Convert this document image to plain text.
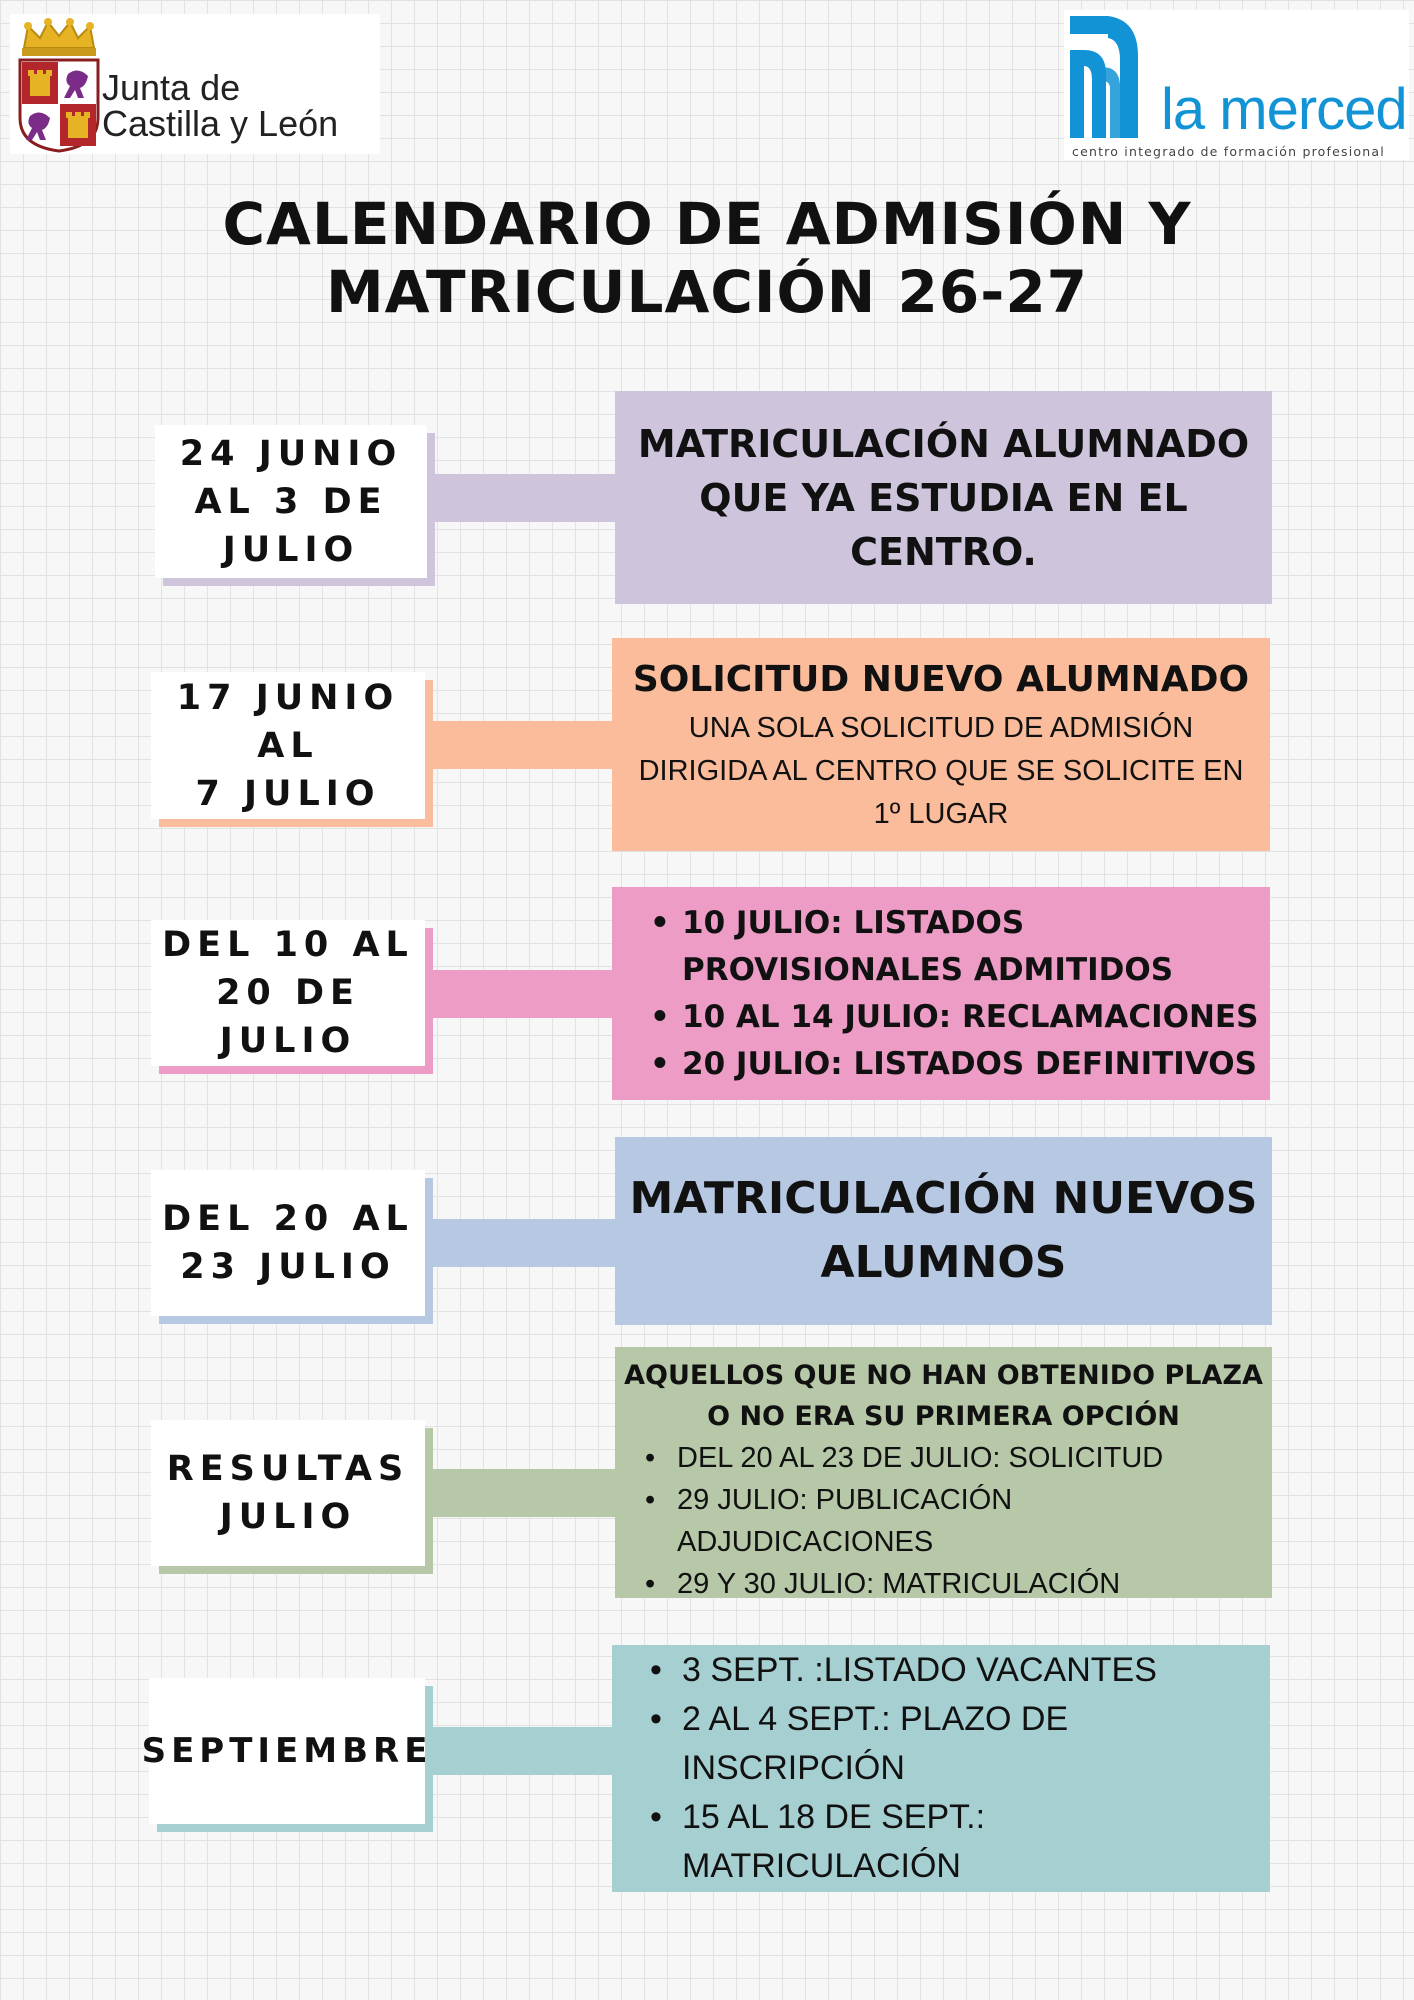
Junta de
Castilla y León	la merced
centro integrado de formación profesional
CALENDARIO DE ADMISIÓN Y
MATRICULACIÓN 26-27
24 JUNIO
AL 3 DE
JULIO
MATRICULACIÓN ALUMNADO
QUE YA ESTUDIA EN EL
CENTRO.
17 JUNIO AL
7 JULIO
SOLICITUD NUEVO ALUMNADO
UNA SOLA SOLICITUD DE ADMISIÓN
DIRIGIDA AL CENTRO QUE SE SOLICITE EN
1º LUGAR
DEL 10 AL
20 DE
JULIO
• 10 JULIO: LISTADOS
PROVISIONALES ADMITIDOS
• 10 AL 14 JULIO: RECLAMACIONES
• 20 JULIO: LISTADOS DEFINITIVOS
DEL 20 AL
23 JULIO
MATRICULACIÓN NUEVOS
ALUMNOS
RESULTAS
JULIO
AQUELLOS QUE NO HAN OBTENIDO PLAZA
O NO ERA SU PRIMERA OPCIÓN
• DEL 20 AL 23 DE JULIO: SOLICITUD
• 29 JULIO: PUBLICACIÓN
ADJUDICACIONES
• 29 Y 30 JULIO: MATRICULACIÓN
SEPTIEMBRE
• 3 SEPT. :LISTADO VACANTES
• 2 AL 4 SEPT.: PLAZO DE
INSCRIPCIÓN
• 15 AL 18 DE SEPT.:
MATRICULACIÓN
